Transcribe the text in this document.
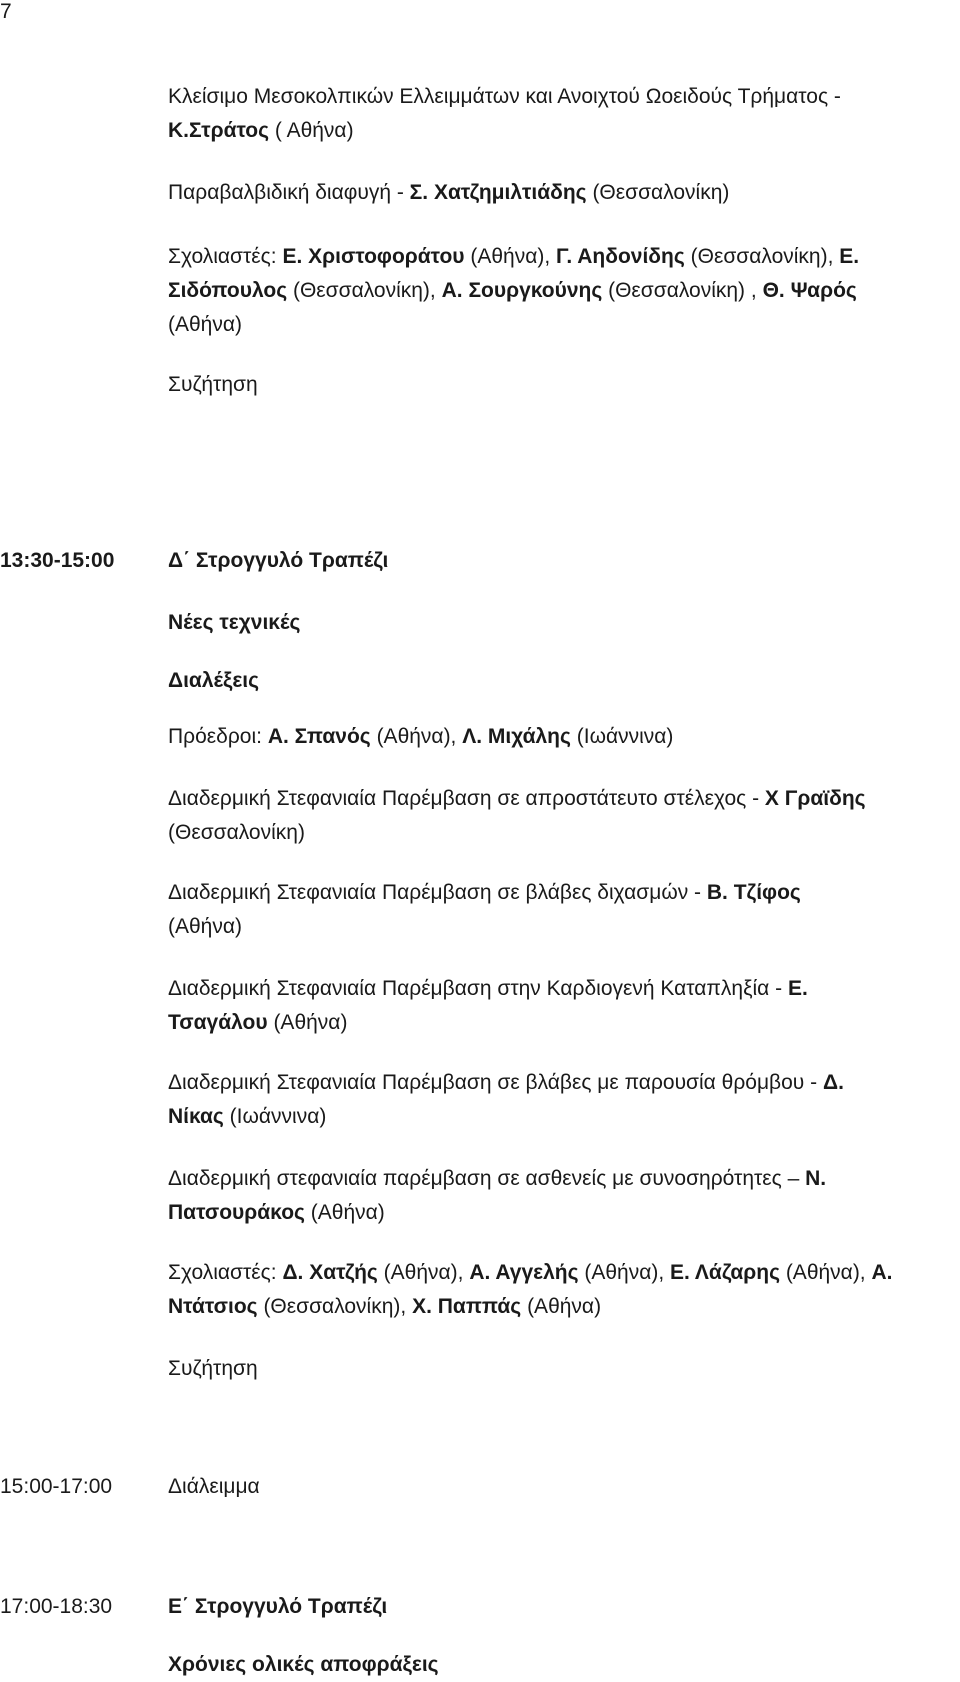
7
Κλείσιμο Μεσοκολπικών Ελλειμμάτων και Ανοιχτού Ωοειδούς Τρήματος -
Κ.Στράτος ( Αθήνα)
Παραβαλβιδική διαφυγή - Σ. Χατζημιλτιάδης (Θεσσαλονίκη)
Σχολιαστές: Ε. Χριστοφοράτου (Αθήνα), Γ. Αηδονίδης (Θεσσαλονίκη), Ε.
Σιδόπουλος (Θεσσαλονίκη), Α. Σουργκούνης (Θεσσαλονίκη) , Θ. Ψαρός
(Αθήνα)
Συζήτηση
13:30-15:00	Δ΄ Στρογγυλό Τραπέζι
Νέες τεχνικές
Διαλέξεις
Πρόεδροι: Α. Σπανός (Αθήνα), Λ. Μιχάλης (Ιωάννινα)
Διαδερμική Στεφανιαία Παρέμβαση σε απροστάτευτο στέλεχος - Χ Γραϊδης
(Θεσσαλονίκη)
Διαδερμική Στεφανιαία Παρέμβαση σε βλάβες διχασμών - Β. Τζίφος
(Αθήνα)
Διαδερμική Στεφανιαία Παρέμβαση στην Καρδιογενή Καταπληξία - Ε.
Τσαγάλου (Αθήνα)
Διαδερμική Στεφανιαία Παρέμβαση σε βλάβες με παρουσία θρόμβου - Δ.
Νίκας (Ιωάννινα)
Διαδερμική στεφανιαία παρέμβαση σε ασθενείς με συνοσηρότητες – Ν.
Πατσουράκος (Αθήνα)
Σχολιαστές: Δ. Χατζής (Αθήνα), Α. Αγγελής (Αθήνα), Ε. Λάζαρης (Αθήνα), Α.
Ντάτσιος (Θεσσαλονίκη), Χ. Παππάς (Αθήνα)
Συζήτηση
15:00-17:00	Διάλειμμα
17:00-18:30	Ε΄ Στρογγυλό Τραπέζι
Χρόνιες ολικές αποφράξεις
